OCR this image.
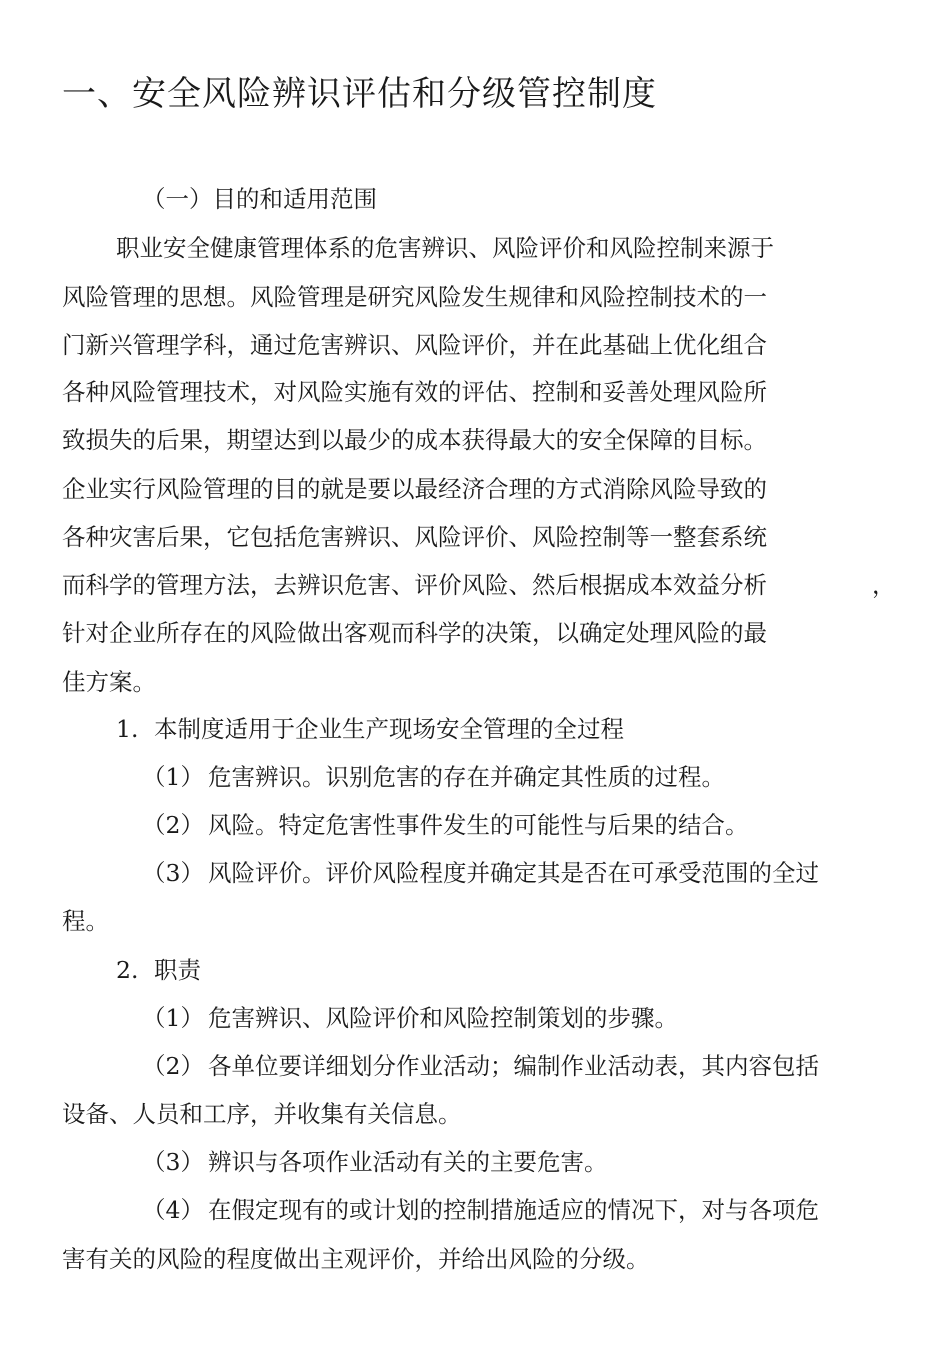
一、安全风险辨识评估和分级管控制度
（一）目的和适用范围
职业安全健康管理体系的危害辨识、风险评价和风险控制来源于
风险管理的思想。风险管理是研究风险发生规律和风险控制技术的一
门新兴管理学科，通过危害辨识、风险评价，并在此基础上优化组合
各种风险管理技术，对风险实施有效的评估、控制和妥善处理风险所
致损失的后果，期望达到以最少的成本获得最大的安全保障的目标。
企业实行风险管理的目的就是要以最经济合理的方式消除风险导致的
各种灾害后果，它包括危害辨识、风险评价、风险控制等一整套系统
而科学的管理方法，去辨识危害、评价风险、然后根据成本效益分析	，
针对企业所存在的风险做出客观而科学的决策，以确定处理风险的最
佳方案。
1. 本制度适用于企业生产现场安全管理的全过程
（1） 危害辨识。识别危害的存在并确定其性质的过程。
（2） 风险。特定危害性事件发生的可能性与后果的结合。
（3） 风险评价。评价风险程度并确定其是否在可承受范围的全过
程。
2. 职责
（1） 危害辨识、风险评价和风险控制策划的步骤。
（2） 各单位要详细划分作业活动；编制作业活动表，其内容包括
设备、人员和工序，并收集有关信息。
（3） 辨识与各项作业活动有关的主要危害。
（4） 在假定现有的或计划的控制措施适应的情况下，对与各项危
害有关的风险的程度做出主观评价，并给出风险的分级。
